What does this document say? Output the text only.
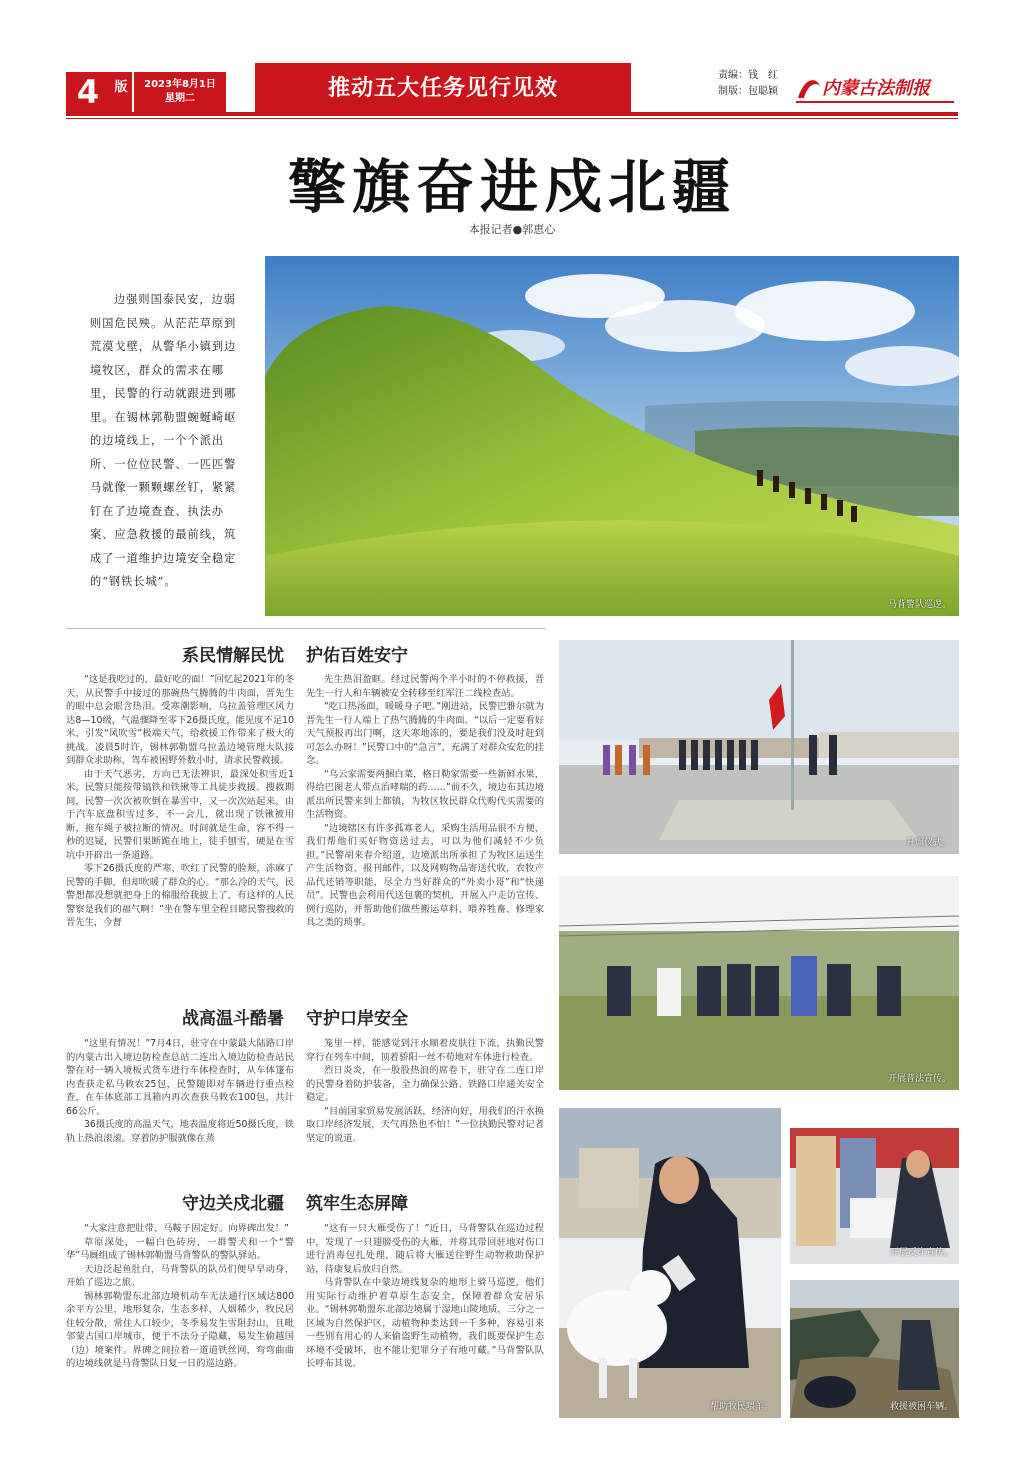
4	版	2023年8月1日
星期二	推动五大任务见行见效
责编：钱　红
制版：包聪颖 内蒙古法制报
擎旗奋进戍北疆
本报记者●郭恵心
边强则国泰民安，边弱则国危民殃。从茫茫草原到荒漠戈壁，从警华小镇到边境牧区，群众的需求在哪里，民警的行动就跟进到哪里。在锡林郭勒盟蜿蜒崎岖的边境线上，一个个派出所、一位位民警、一匹匹警马就像一颗颗螺丝钉，紧紧钉在了边境查查、执法办案、应急救援的最前线，筑成了一道维护边境安全稳定的“钢铁长城”。
马背警队巡逻。
系民情解民忧 护佑百姓安宁

“这是我吃过的，最好吃的面！”回忆起2021年的冬天，从民警手中接过的那碗热气腾腾的牛肉面，晋先生的眼中总会眼含热泪。受寒潮影响，乌拉盖管理区风力达8—10级，气温骤降至零下26摄氏度，能见度不足10米，引发“风吹雪”极端天气，给救援工作带来了极大的挑战。凌晨5时许，锡林郭勒盟乌拉盖边境管理大队接到群众求助称，驾车被困野外数小时，请求民警救援。

由于天气恶劣，方向已无法辨识，最深处积雪近1米，民警只能按带镐铁和铁锹等工具徒步救援。搜救期间，民警一次次被吹倒在暴雪中，又一次次站起来。由于汽车底盘积雪过多，不一会儿，就出现了铁锹被用断，拖车绳子被拉断的情况。时间就是生命，容不得一秒的迟疑，民警们果断跪在地上，徒手刨雪，硬是在雪坑中开辟出一条道路。

零下26摄氏度的严寒，吹红了民警的脸颊，冻麻了民警的手脚，但却吹暖了群众的心。“那么冷的天气，民警想都没想就把身上的棉服给我披上了，有这样的人民警察是我们的福气啊！”坐在警车里全程目睹民警搜救的晋先生，今督

先生热泪盈眶。经过民警两个半小时的不停救援，晋先生一行人和车辆被安全转移至红军汪二线检查站。

“吃口热汤面，暖暖身子吧。”刚进站，民警巴雅尔就为晋先生一行人端上了热气腾腾的牛肉面。“以后一定要看好天气预报再出门啊，这天寒地冻的，要是我们没及时赶到可怎么办呀！”民警口中的“急言”，充满了对群众安危的挂念。

“乌云家需要两捆白菜，格日勒家需要一些新鲜水果，得给巴图老人带点治哮喘的药……”前不久，境边布其边境派出所民警来到上都镇，为牧区牧民群众代购代买需要的生活物资。

“边境辖区有许多孤寡老人，采购生活用品很不方便，我们帮他们买好物资送过去，可以为他们减轻不少负担。”民警胡来春介绍道，边境派出所承担了为牧区运送生产生活物资、报刊邮件，以及网购物品寄送代收，农牧产品代还销等职能，尽全力当好群众的“外卖小哥”和“快递员”。民警也会利用代送包裹的契机，开展入户走访宣传、例行巡防，并帮助他们做些搬运草料、喂养牲畜、修理家具之类的琐事。

战高温斗酷暑 守护口岸安全

“这里有情况！”7月4日，驻守在中蒙最大陆路口岸的内蒙古出入境边防检查总站二连出入境边防检查站民警在对一辆入境板式货车进行车体检查时，从车体篷布内查获走私马敕农25包，民警随即对车辆进行重点检查，在车体底部工具箱内再次查获马敕农100包，共计66公斤。

36摄氏度的高温天气，地表温度将近50摄氏度，铁轨上热浪滚滚。穿着防护服就像在蒸

笼里一样，能感觉到汗水顺着皮肤往下流，执勤民警穿行在列车中间，顶着骄阳一丝不苟地对车体进行检查。

烈日炎炎，在一股股热浪的席卷下，驻守在二连口岸的民警身着防护装备，全力确保公路、铁路口岸通关安全稳定。

“目前国家贸易发展活跃，经济向好，用我们的汗水换取口岸经济发展，天气再热也不怕！”一位执勤民警对记者坚定的说道。

守边关戍北疆 筑牢生态屏障

“大家注意把肚带、马鞍子固定好。向界碑出发！”

草原深处，一幅白色砖房，一群警犬和一个“警华”马厩组成了锡林郭勒盟马背警队的警队驿站。

天边泛起鱼肚白，马背警队的队员们便早早动身，开始了巡边之旅。

锡林郭勒盟东北部边境机动车无法通行区域达800余平方公里，地形复杂，生态多样，人烟稀少，牧民居住较分散，常住人口较少，冬季易发生雪阻封山，且毗邻蒙古国口岸城市，便于不法分子隐藏，易发生偷越国（边）境案件。界碑之间拉着一道道铁丝网，弯弯曲曲的边境线就是马背警队日复一日的巡边路。

“这有一只大雁受伤了！”近日，马背警队在巡边过程中，发现了一只翅膀受伤的大雁，并将其带回驻地对伤口进行消毒包扎处理，随后将大雁送往野生动物救助保护站，待康复后放归自然。

马背警队在中蒙边境线复杂的地形上骑马巡逻，他们用实际行动维护着草原生态安全，保障着群众安居乐业。“锡林郭勒盟东北部边境属于湿地山陵地质，三分之一区域为自然保护区，动植物种类达到一千多种，容易引来一些别有用心的人来偷盗野生动植物，我们既要保护生态环境不受破坏，也不能让犯罪分子有地可藏。”马背警队队长呼布其说。

升旗仪式。
开展普法宣传。
帮助牧民喂羊。
开展反诈宣传。
救援被困车辆。
